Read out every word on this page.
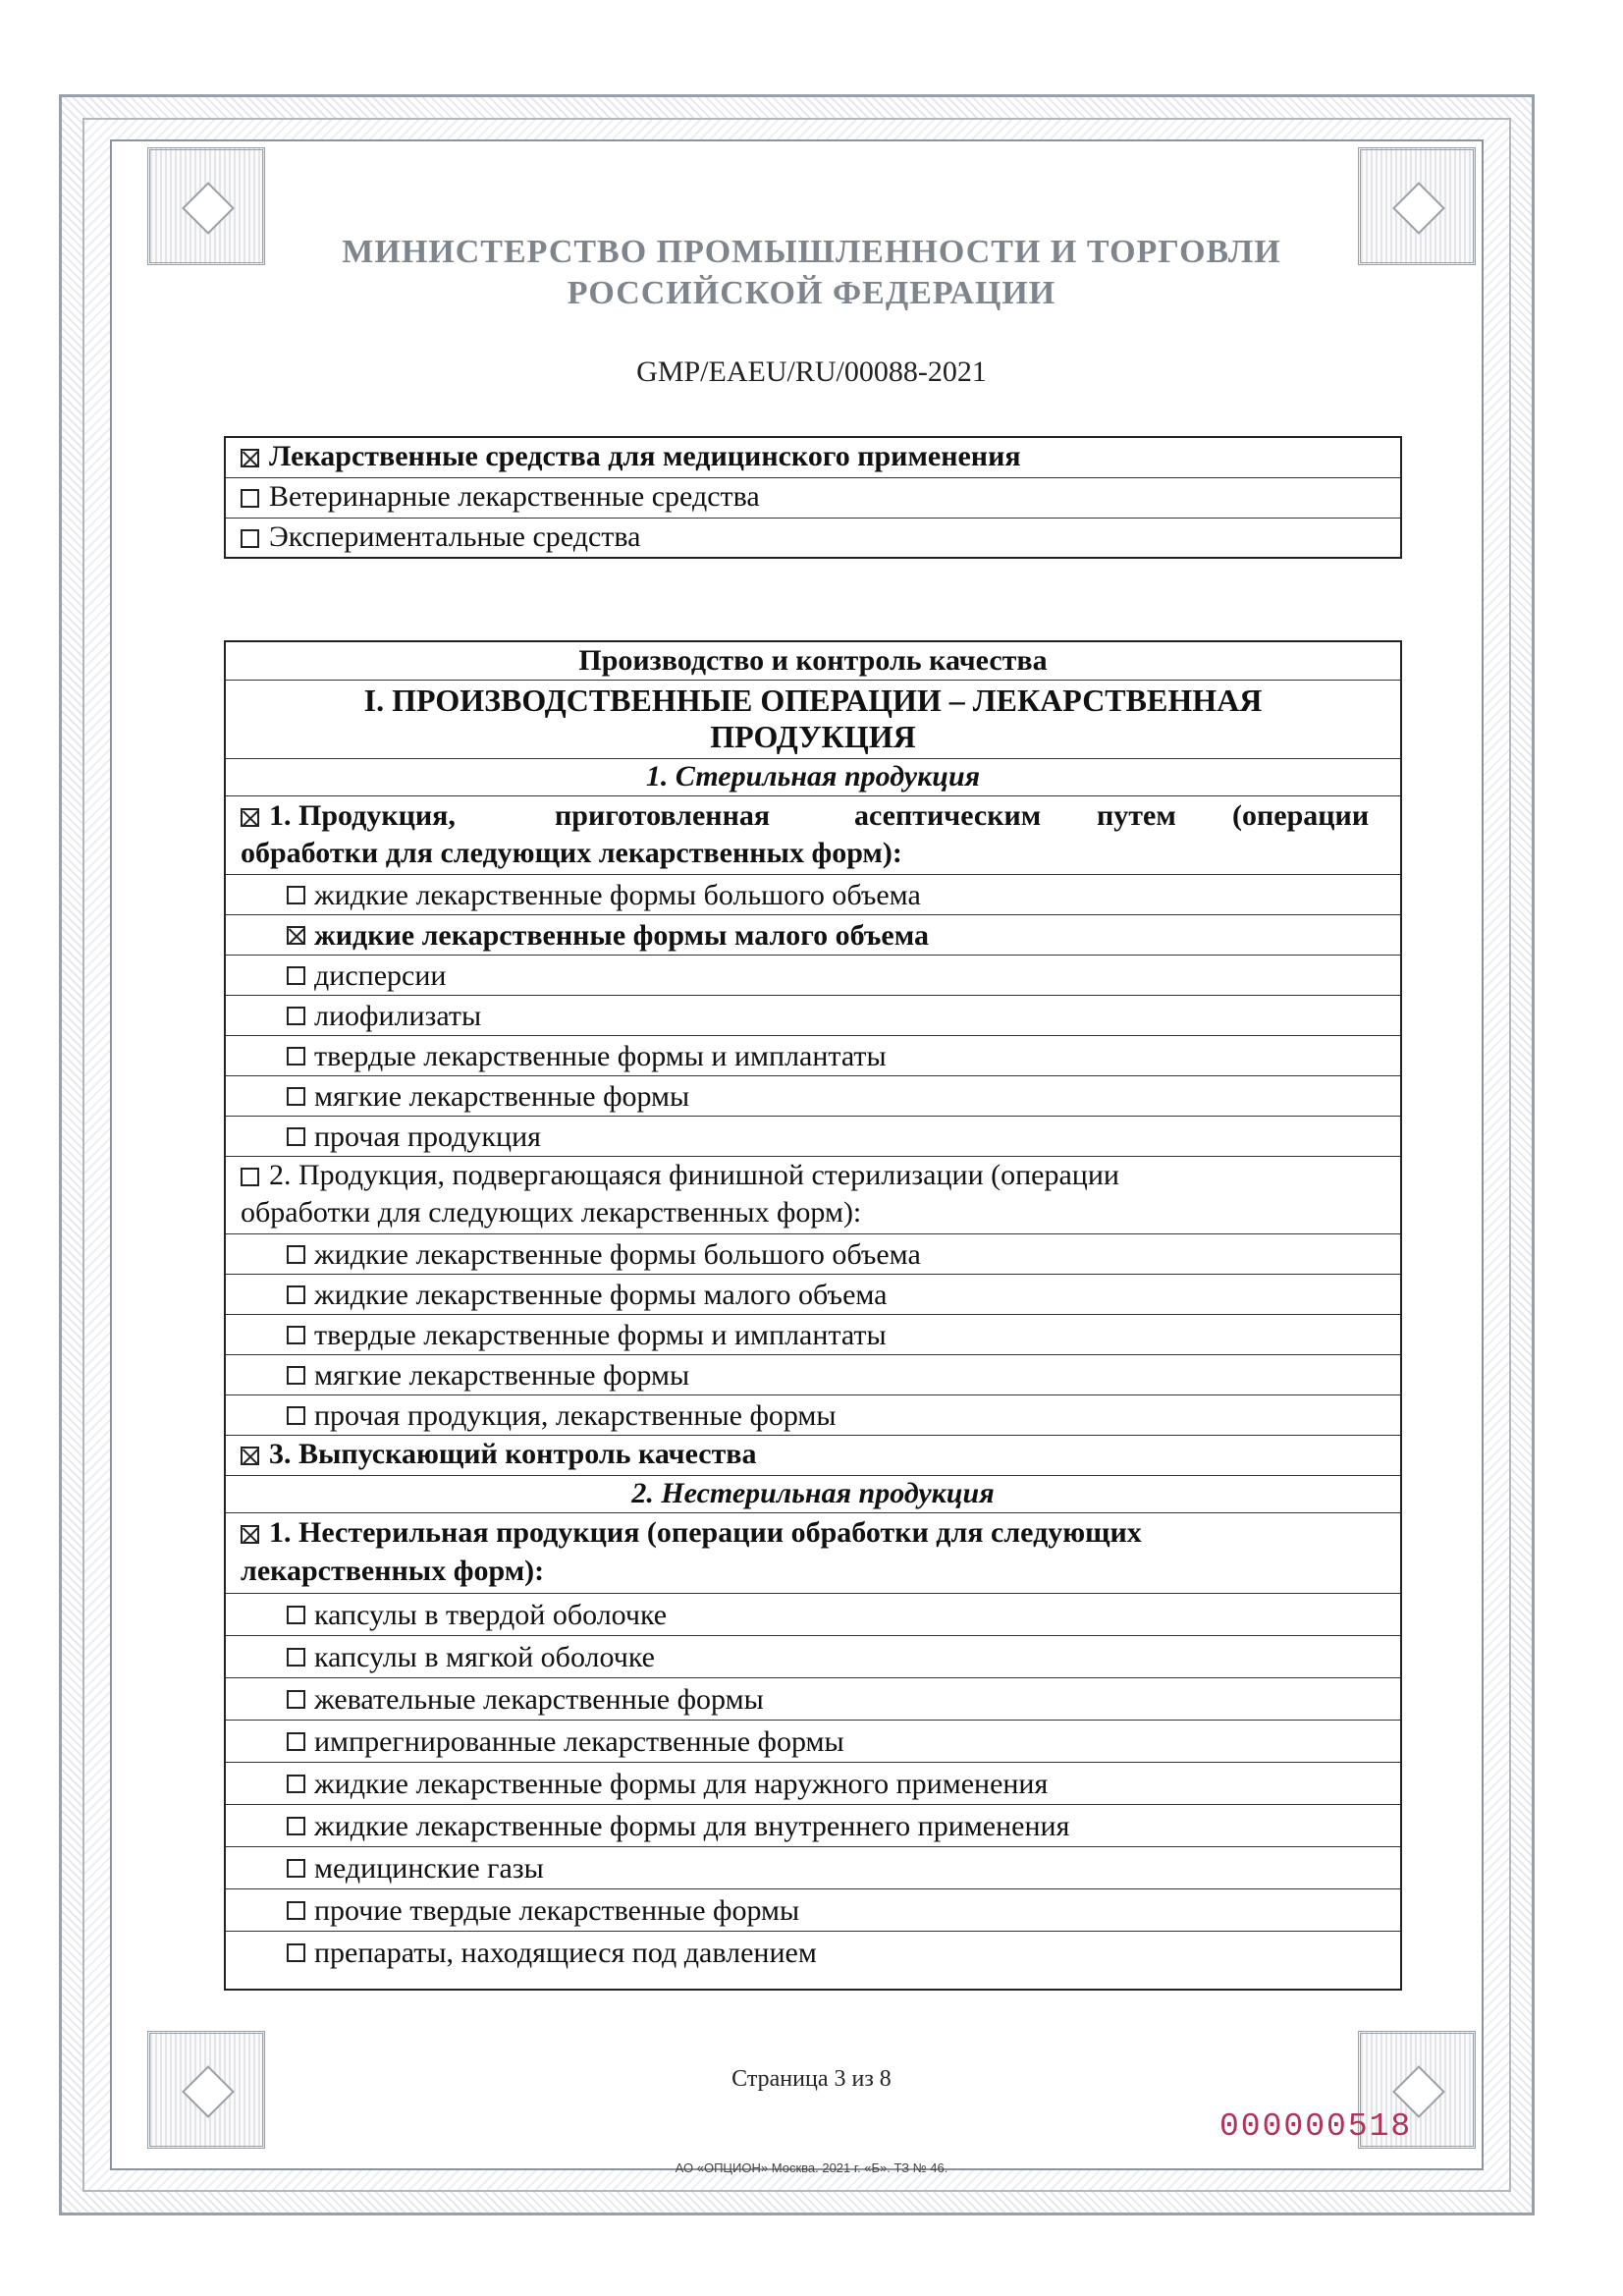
МИНИСТЕРСТВО ПРОМЫШЛЕННОСТИ И ТОРГОВЛИ
РОССИЙСКОЙ ФЕДЕРАЦИИ
GMP/EAEU/RU/00088-2021
Лекарственные средства для медицинского применения
Ветеринарные лекарственные средства
Экспериментальные средства
Производство и контроль качества
I. ПРОИЗВОДСТВЕННЫЕ ОПЕРАЦИИ – ЛЕКАРСТВЕННАЯ
ПРОДУКЦИЯ
1. Стерильная продукция
1. Продукция,	приготовленная	асептическим путем (операции
обработки для следующих лекарственных форм):
жидкие лекарственные формы большого объема
жидкие лекарственные формы малого объема
дисперсии
лиофилизаты
твердые лекарственные формы и имплантаты
мягкие лекарственные формы
прочая продукция
2. Продукция, подвергающаяся финишной стерилизации (операции
обработки для следующих лекарственных форм):
жидкие лекарственные формы большого объема
жидкие лекарственные формы малого объема
твердые лекарственные формы и имплантаты
мягкие лекарственные формы
прочая продукция, лекарственные формы
3. Выпускающий контроль качества
2. Нестерильная продукция
1. Нестерильная продукция (операции обработки для следующих
лекарственных форм):
капсулы в твердой оболочке
капсулы в мягкой оболочке
жевательные лекарственные формы
импрегнированные лекарственные формы
жидкие лекарственные формы для наружного применения
жидкие лекарственные формы для внутреннего применения
медицинские газы
прочие твердые лекарственные формы
препараты, находящиеся под давлением
Страница 3 из 8
000000518
АО «ОПЦИОН» Москва. 2021 г. «Б». ТЗ № 46.
